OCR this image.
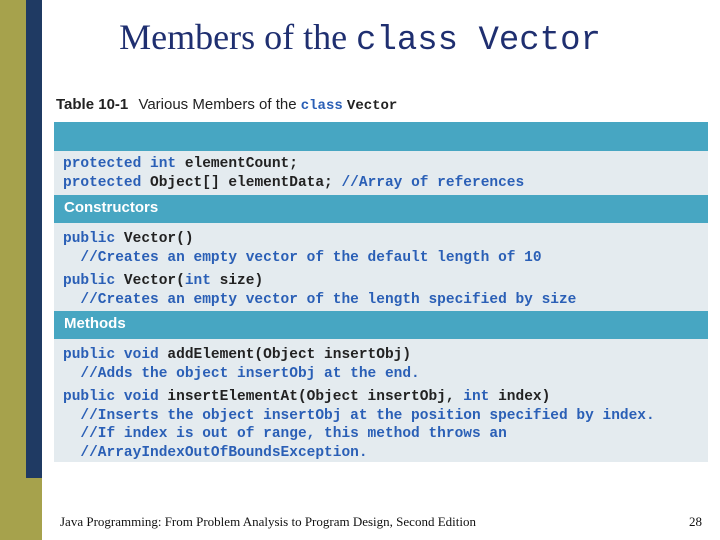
Members of the class Vector
Table 10-1 Various Members of the class Vector
protected int elementCount;
protected Object[] elementData; //Array of references
Constructors
public Vector()
//Creates an empty vector of the default length of 10
public Vector(int size)
//Creates an empty vector of the length specified by size
Methods
public void addElement(Object insertObj)
//Adds the object insertObj at the end.
public void insertElementAt(Object insertObj, int index)
//Inserts the object insertObj at the position specified by index.
//If index is out of range, this method throws an
//ArrayIndexOutOfBoundsException.
Java Programming: From Problem Analysis to Program Design, Second Edition	28
